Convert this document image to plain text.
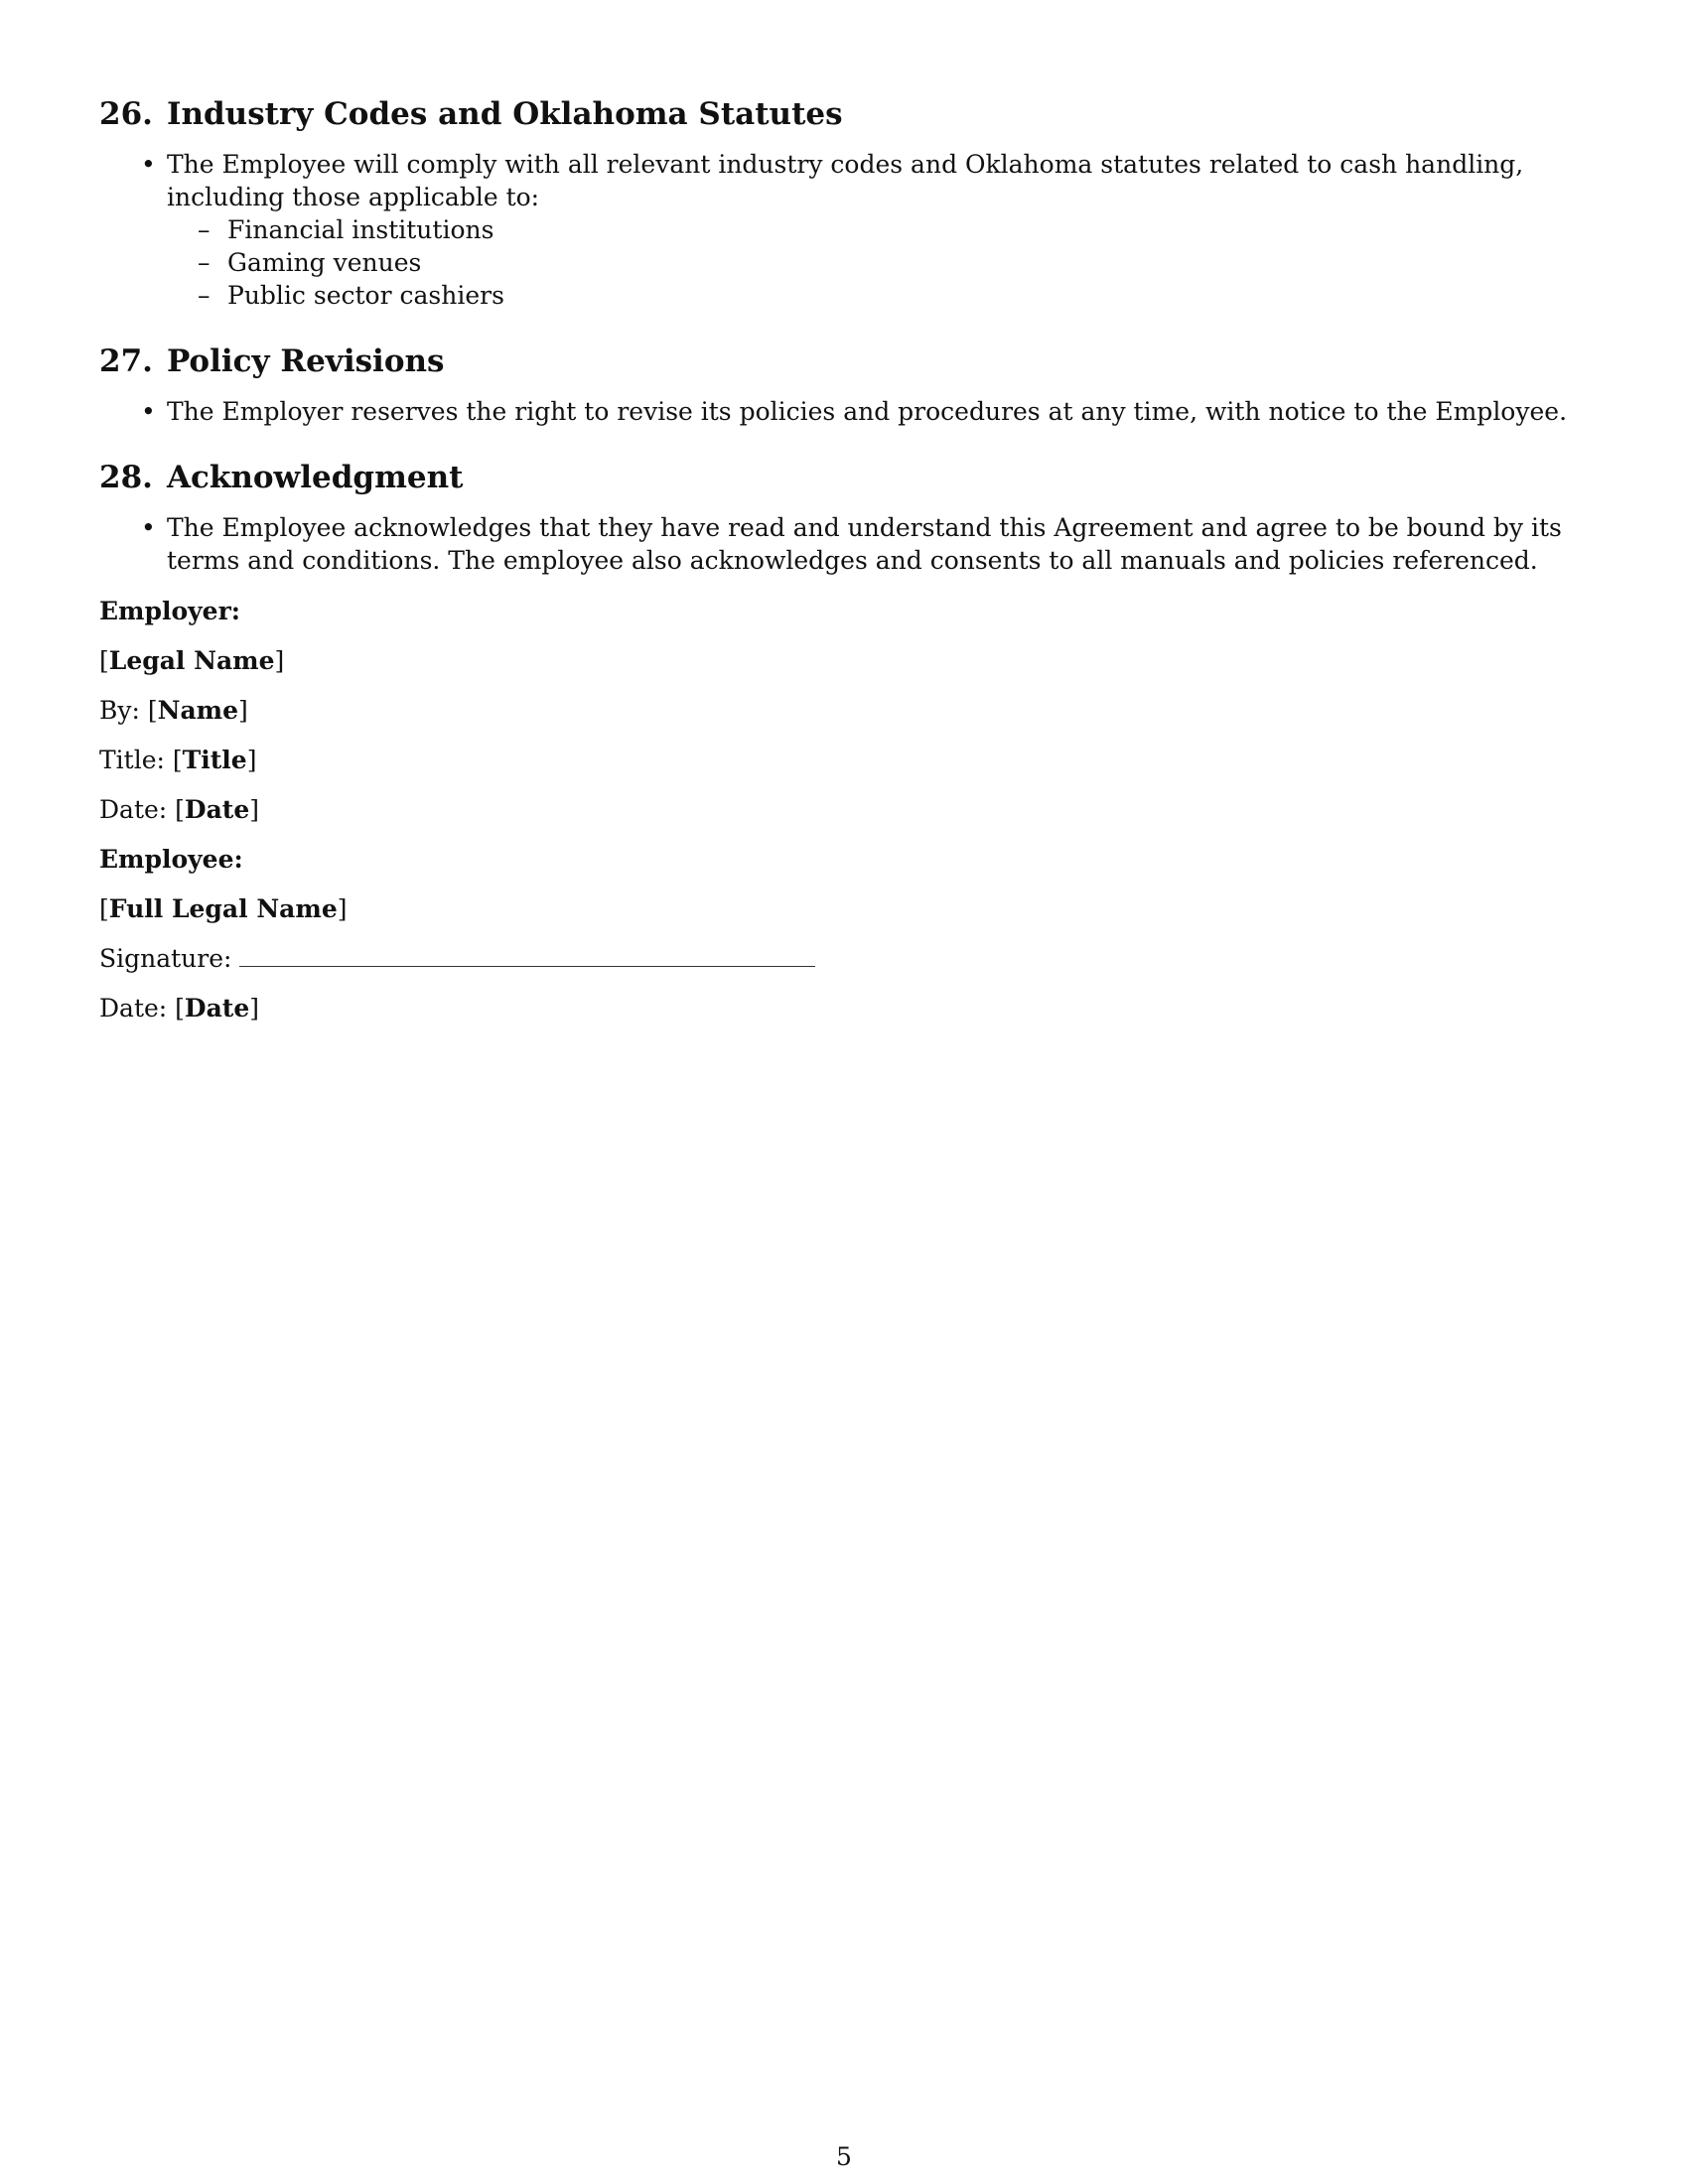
26. Industry Codes and Oklahoma Statutes
• The Employee will comply with all relevant industry codes and Oklahoma statutes related to cash handling, including those applicable to:
– Financial institutions
– Gaming venues
– Public sector cashiers
27. Policy Revisions
• The Employer reserves the right to revise its policies and procedures at any time, with notice to the Employee.
28. Acknowledgment
• The Employee acknowledges that they have read and understand this Agreement and agree to be bound by its terms and conditions. The employee also acknowledges and consents to all manuals and policies referenced.
Employer:
[Legal Name]
By: [Name]
Title: [Title]
Date: [Date]
Employee:
[Full Legal Name]
Signature:
Date: [Date]
5
